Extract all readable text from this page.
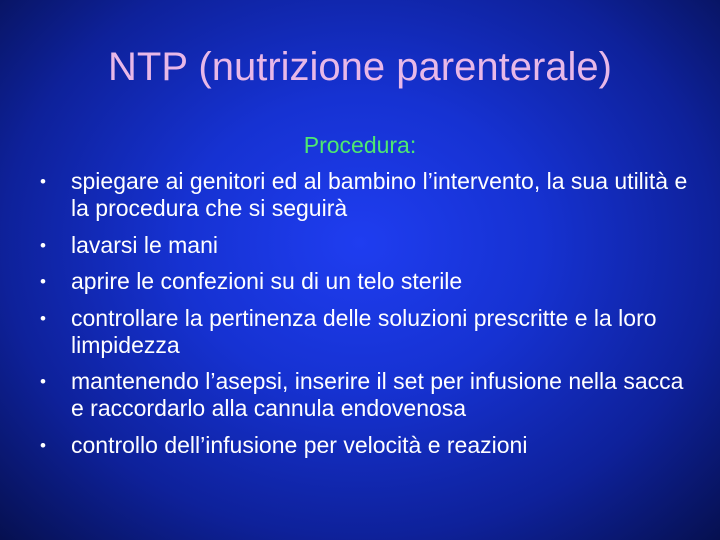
NTP (nutrizione parenterale)

Procedura:

•	spiegare ai genitori ed al bambino l’intervento, la sua utilità e la procedura che si seguirà
•	lavarsi le mani
•	aprire le confezioni su di un telo sterile
•	controllare la pertinenza delle soluzioni prescritte e la loro limpidezza
•	mantenendo l’asepsi, inserire il set per infusione nella sacca e raccordarlo alla cannula endovenosa
•	controllo dell’infusione per velocità e reazioni
